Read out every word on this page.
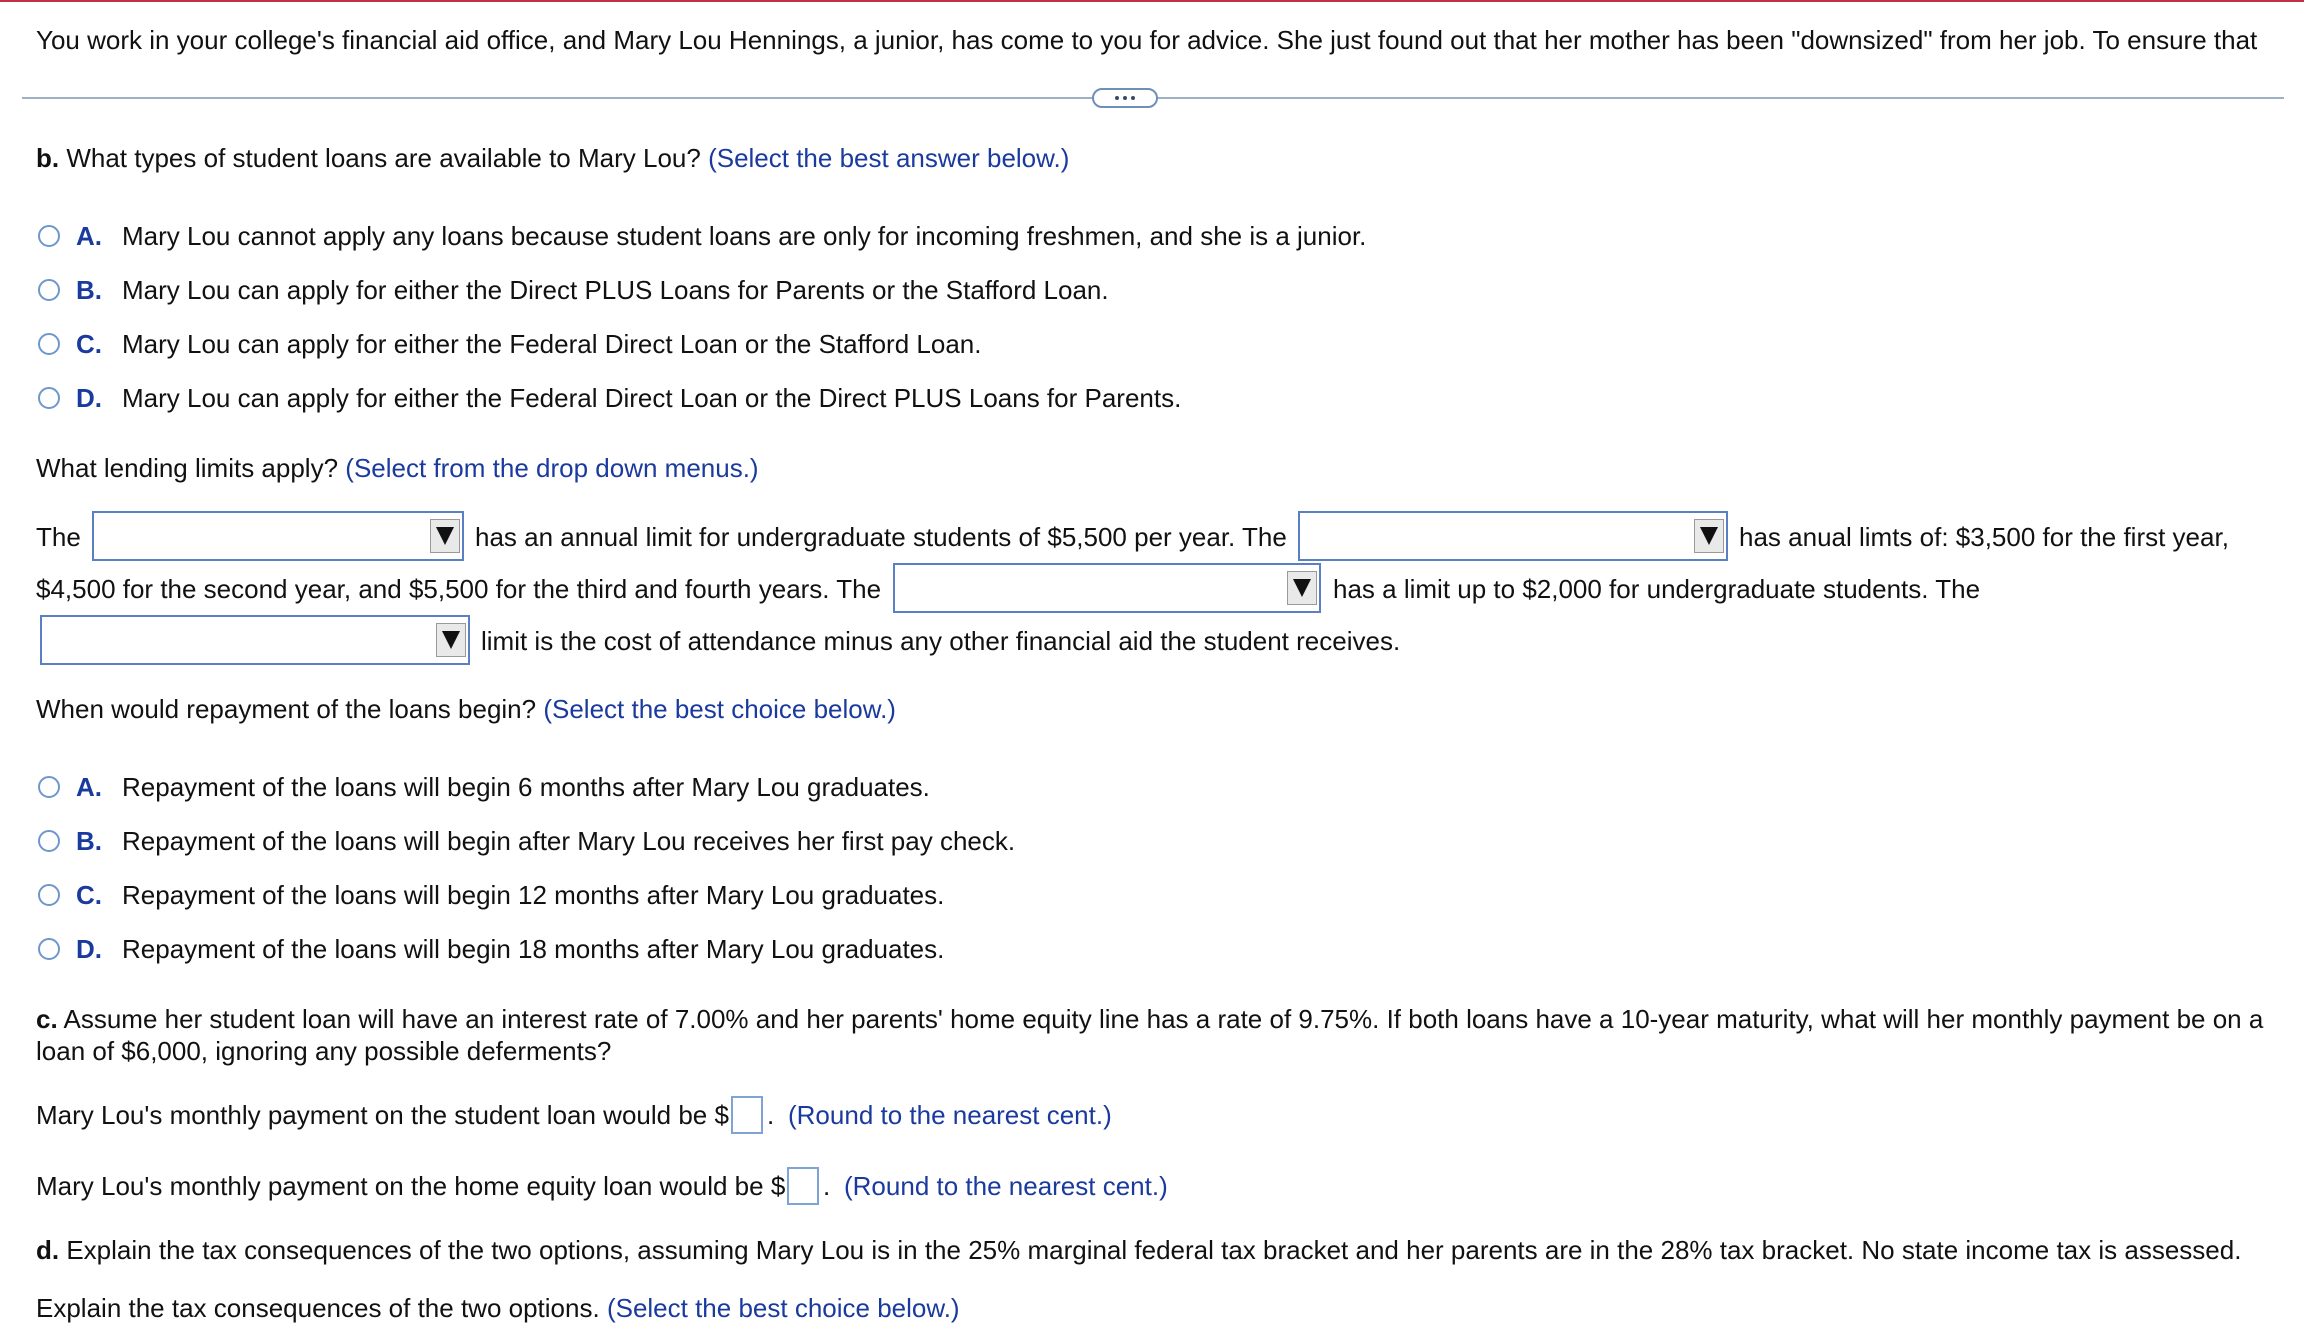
You work in your college's financial aid office, and Mary Lou Hennings, a junior, has come to you for advice. She just found out that her mother has been "downsized" from her job. To ensure that
b. What types of student loans are available to Mary Lou? (Select the best answer below.)
A. Mary Lou cannot apply any loans because student loans are only for incoming freshmen, and she is a junior.
B. Mary Lou can apply for either the Direct PLUS Loans for Parents or the Stafford Loan.
C. Mary Lou can apply for either the Federal Direct Loan or the Stafford Loan.
D. Mary Lou can apply for either the Federal Direct Loan or the Direct PLUS Loans for Parents.
What lending limits apply? (Select from the drop down menus.)
The	has an annual limit for undergraduate students of $5,500 per year. The	has anual limts of: $3,500 for the first year,
$4,500 for the second year, and $5,500 for the third and fourth years. The	has a limit up to $2,000 for undergraduate students. The
limit is the cost of attendance minus any other financial aid the student receives.
When would repayment of the loans begin? (Select the best choice below.)
A. Repayment of the loans will begin 6 months after Mary Lou graduates.
B. Repayment of the loans will begin after Mary Lou receives her first pay check.
C. Repayment of the loans will begin 12 months after Mary Lou graduates.
D. Repayment of the loans will begin 18 months after Mary Lou graduates.
c. Assume her student loan will have an interest rate of 7.00% and her parents' home equity line has a rate of 9.75%. If both loans have a 10-year maturity, what will her monthly payment be on a
loan of $6,000, ignoring any possible deferments?
Mary Lou's monthly payment on the student loan would be $ . (Round to the nearest cent.)
Mary Lou's monthly payment on the home equity loan would be $ . (Round to the nearest cent.)
d. Explain the tax consequences of the two options, assuming Mary Lou is in the 25% marginal federal tax bracket and her parents are in the 28% tax bracket. No state income tax is assessed.
Explain the tax consequences of the two options. (Select the best choice below.)
